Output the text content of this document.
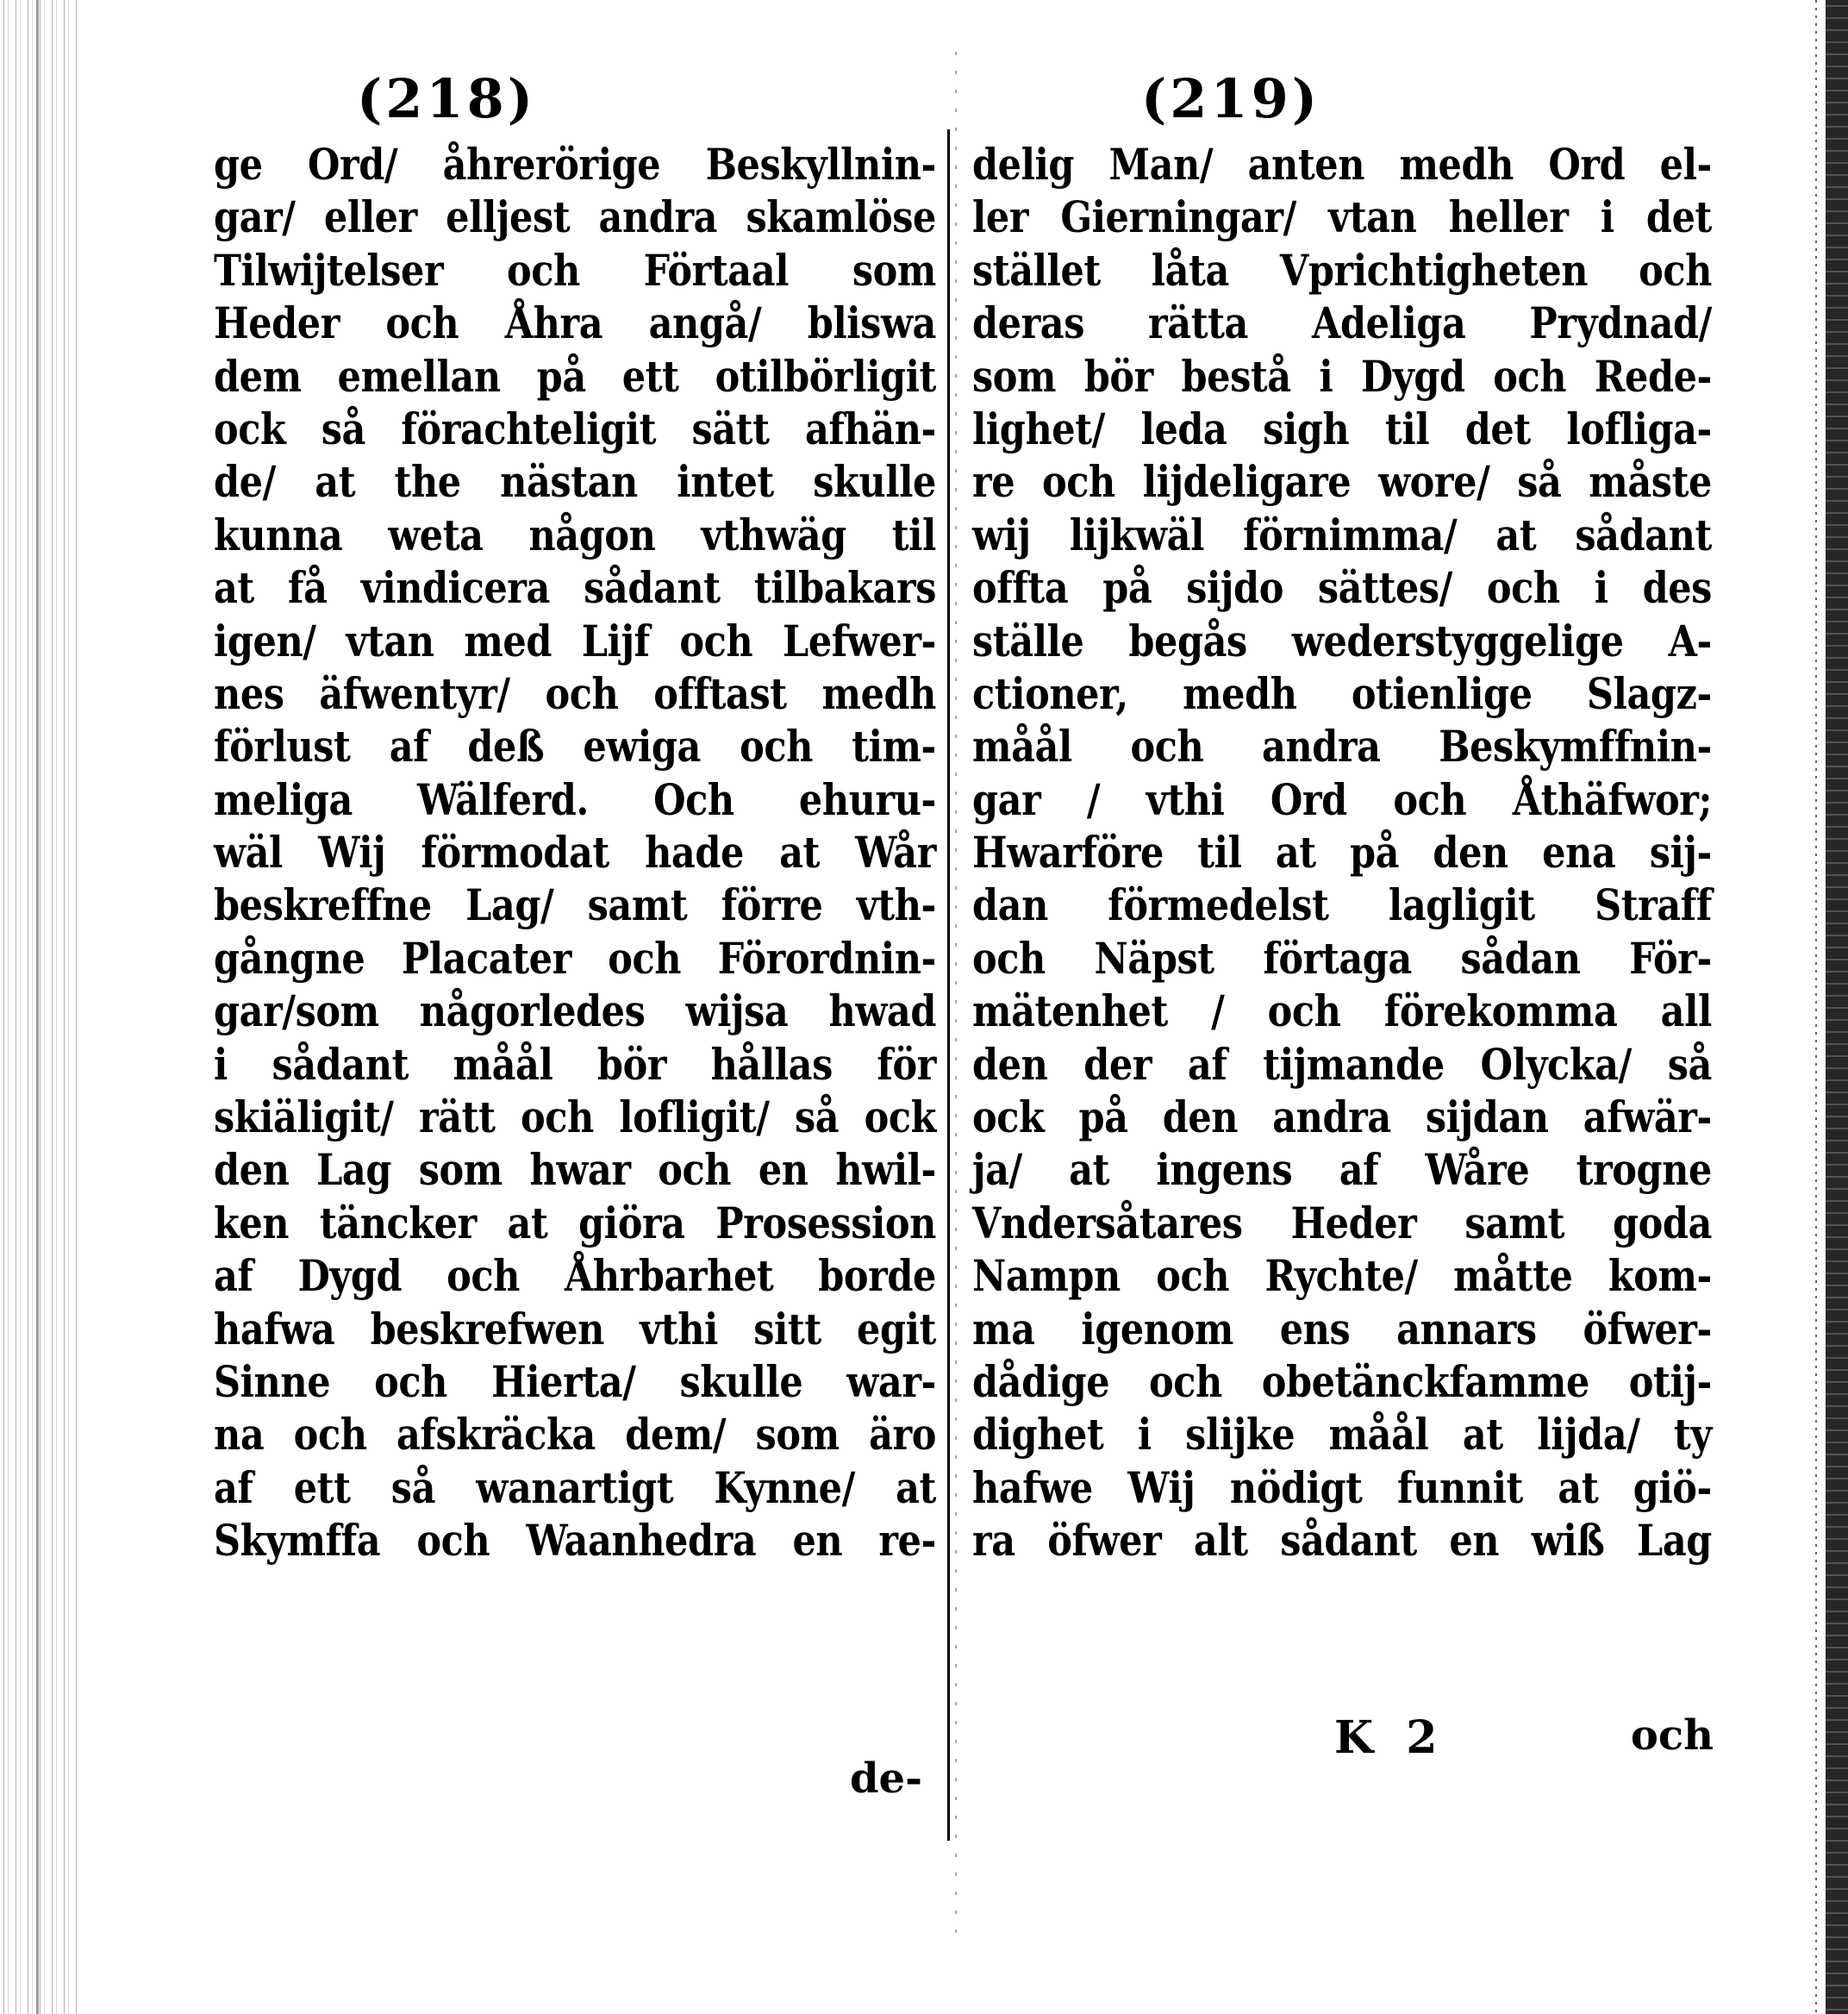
(218)
ge Ord/ åhrerörige Beskyllnin-
gar/ eller elljest andra skamlöse
Tilwijtelser och Förtaal som
Heder och Åhra angå/ bliswa
dem emellan på ett otilbörligit
ock så förachteligit sätt afhän-
de/ at the nästan intet skulle
kunna weta någon vthwäg til
at få vindicera sådant tilbakars
igen/ vtan med Lijf och Lefwer-
nes äfwentyr/ och offtast medh
förlust af deß ewiga och tim-
meliga Wälferd. Och ehuru-
wäl Wij förmodat hade at Wår
beskreffne Lag/ samt förre vth-
gångne Placater och Förordnin-
gar/som någorledes wijsa hwad
i sådant måål bör hållas för
skiäligit/ rätt och lofligit/ så ock
den Lag som hwar och en hwil-
ken täncker at giöra Prosession
af Dygd och Åhrbarhet borde
hafwa beskrefwen vthi sitt egit
Sinne och Hierta/ skulle war-
na och afskräcka dem/ som äro
af ett så wanartigt Kynne/ at
Skymffa och Waanhedra en re-
de-
(219)
delig Man/ anten medh Ord el-
ler Gierningar/ vtan heller i det
stället låta Vprichtigheten och
deras rätta Adeliga Prydnad/
som bör bestå i Dygd och Rede-
lighet/ leda sigh til det lofliga-
re och lijdeligare wore/ så måste
wij lijkwäl förnimma/ at sådant
offta på sijdo sättes/ och i des
ställe begås wederstyggelige A-
ctioner, medh otienlige Slagz-
måål och andra Beskymffnin-
gar / vthi Ord och Åthäfwor;
Hwarföre til at på den ena sij-
dan förmedelst lagligit Straff
och Näpst förtaga sådan För-
mätenhet / och förekomma all
den der af tijmande Olycka/ så
ock på den andra sijdan afwär-
ja/ at ingens af Wåre trogne
Vndersåtares Heder samt goda
Nampn och Rychte/ måtte kom-
ma igenom ens annars öfwer-
dådige och obetänckfamme otij-
dighet i slijke måål at lijda/ ty
hafwe Wij nödigt funnit at giö-
ra öfwer alt sådant en wiß Lag
K 2	och
